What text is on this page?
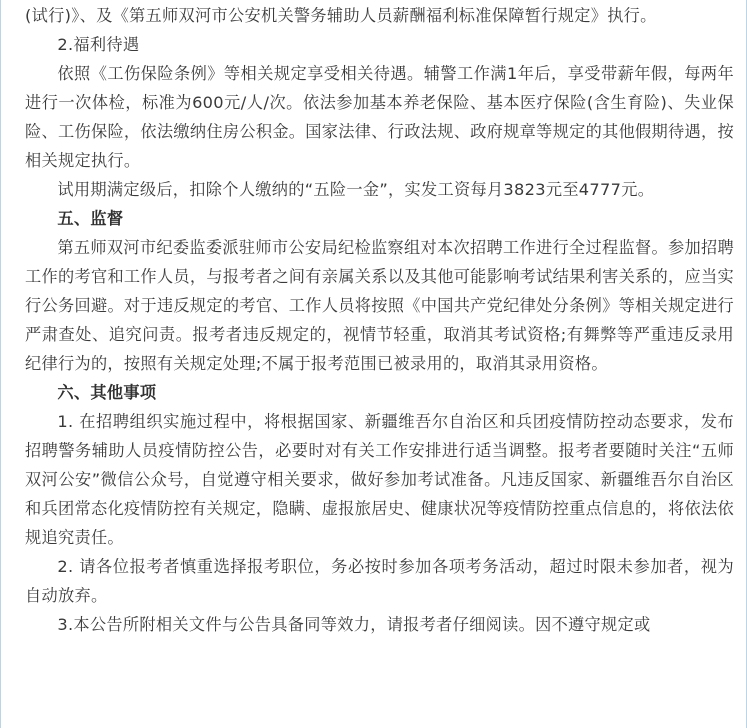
(试行)》、及《第五师双河市公安机关警务辅助人员薪酬福利标准保障暂行规定》执行。

2.福利待遇

依照《工伤保险条例》等相关规定享受相关待遇。辅警工作满1年后，享受带薪年假，每两年进行一次体检，标准为600元/人/次。依法参加基本养老保险、基本医疗保险(含生育险)、失业保险、工伤保险，依法缴纳住房公积金。国家法律、行政法规、政府规章等规定的其他假期待遇，按相关规定执行。

试用期满定级后，扣除个人缴纳的“五险一金”，实发工资每月3823元至4777元。

五、监督

第五师双河市纪委监委派驻师市公安局纪检监察组对本次招聘工作进行全过程监督。参加招聘工作的考官和工作人员，与报考者之间有亲属关系以及其他可能影响考试结果利害关系的，应当实行公务回避。对于违反规定的考官、工作人员将按照《中国共产党纪律处分条例》等相关规定进行严肃查处、追究问责。报考者违反规定的，视情节轻重，取消其考试资格;有舞弊等严重违反录用纪律行为的，按照有关规定处理;不属于报考范围已被录用的，取消其录用资格。

六、其他事项

1. 在招聘组织实施过程中，将根据国家、新疆维吾尔自治区和兵团疫情防控动态要求，发布招聘警务辅助人员疫情防控公告，必要时对有关工作安排进行适当调整。报考者要随时关注“五师双河公安”微信公众号，自觉遵守相关要求，做好参加考试准备。凡违反国家、新疆维吾尔自治区和兵团常态化疫情防控有关规定，隐瞒、虚报旅居史、健康状况等疫情防控重点信息的，将依法依规追究责任。

2. 请各位报考者慎重选择报考职位，务必按时参加各项考务活动，超过时限未参加者，视为自动放弃。

3.本公告所附相关文件与公告具备同等效力，请报考者仔细阅读。因不遵守规定或
